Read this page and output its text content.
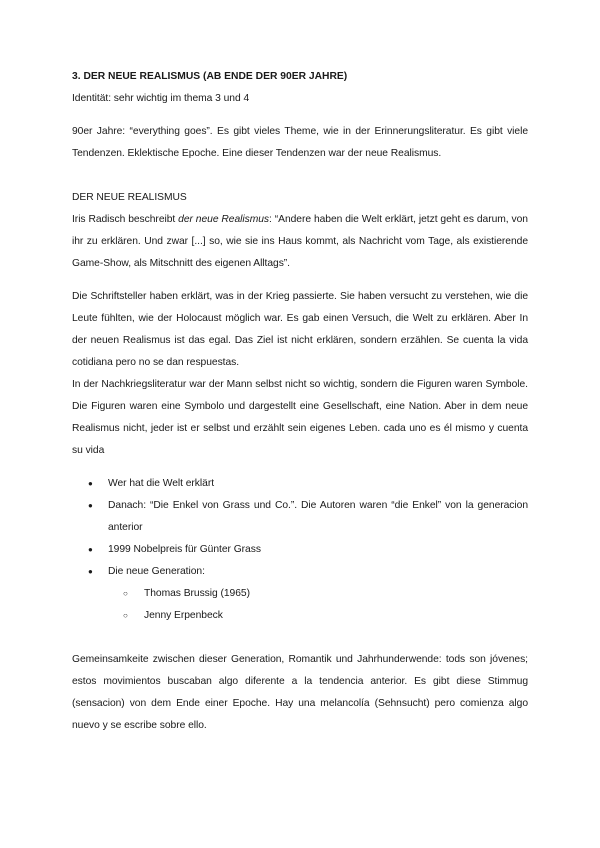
3. DER NEUE REALISMUS (AB ENDE DER 90ER JAHRE)

Identität: sehr wichtig im thema 3 und 4

90er Jahre: “everything goes”. Es gibt vieles Theme, wie in der Erinnerungsliteratur. Es gibt viele Tendenzen. Eklektische Epoche. Eine dieser Tendenzen war der neue Realismus.

DER NEUE REALISMUS

Iris Radisch beschreibt der neue Realismus: “Andere haben die Welt erklärt, jetzt geht es darum, von ihr zu erklären. Und zwar [...] so, wie sie ins Haus kommt, als Nachricht vom Tage, als existierende Game-Show, als Mitschnitt des eigenen Alltags”.

Die Schriftsteller haben erklärt, was in der Krieg passierte. Sie haben versucht zu verstehen, wie die Leute fühlten, wie der Holocaust möglich war. Es gab einen Versuch, die Welt zu erklären. Aber In der neuen Realismus ist das egal. Das Ziel ist nicht erklären, sondern erzählen. Se cuenta la vida cotidiana pero no se dan respuestas.

In der Nachkriegsliteratur war der Mann selbst nicht so wichtig, sondern die Figuren waren Symbole. Die Figuren waren eine Symbolo und dargestellt eine Gesellschaft, eine Nation. Aber in dem neue Realismus nicht, jeder ist er selbst und erzählt sein eigenes Leben. cada uno es él mismo y cuenta su vida

● Wer hat die Welt erklärt
● Danach: “Die Enkel von Grass und Co.”. Die Autoren waren “die Enkel” von la generacion anterior
● 1999 Nobelpreis für Günter Grass
● Die neue Generation:
○ Thomas Brussig (1965)
○ Jenny Erpenbeck

Gemeinsamkeite zwischen dieser Generation, Romantik und Jahrhunderwende: tods son jóvenes; estos movimientos buscaban algo diferente a la tendencia anterior. Es gibt diese Stimmug (sensacion) von dem Ende einer Epoche. Hay una melancolía (Sehnsucht) pero comienza algo nuevo y se escribe sobre ello.
